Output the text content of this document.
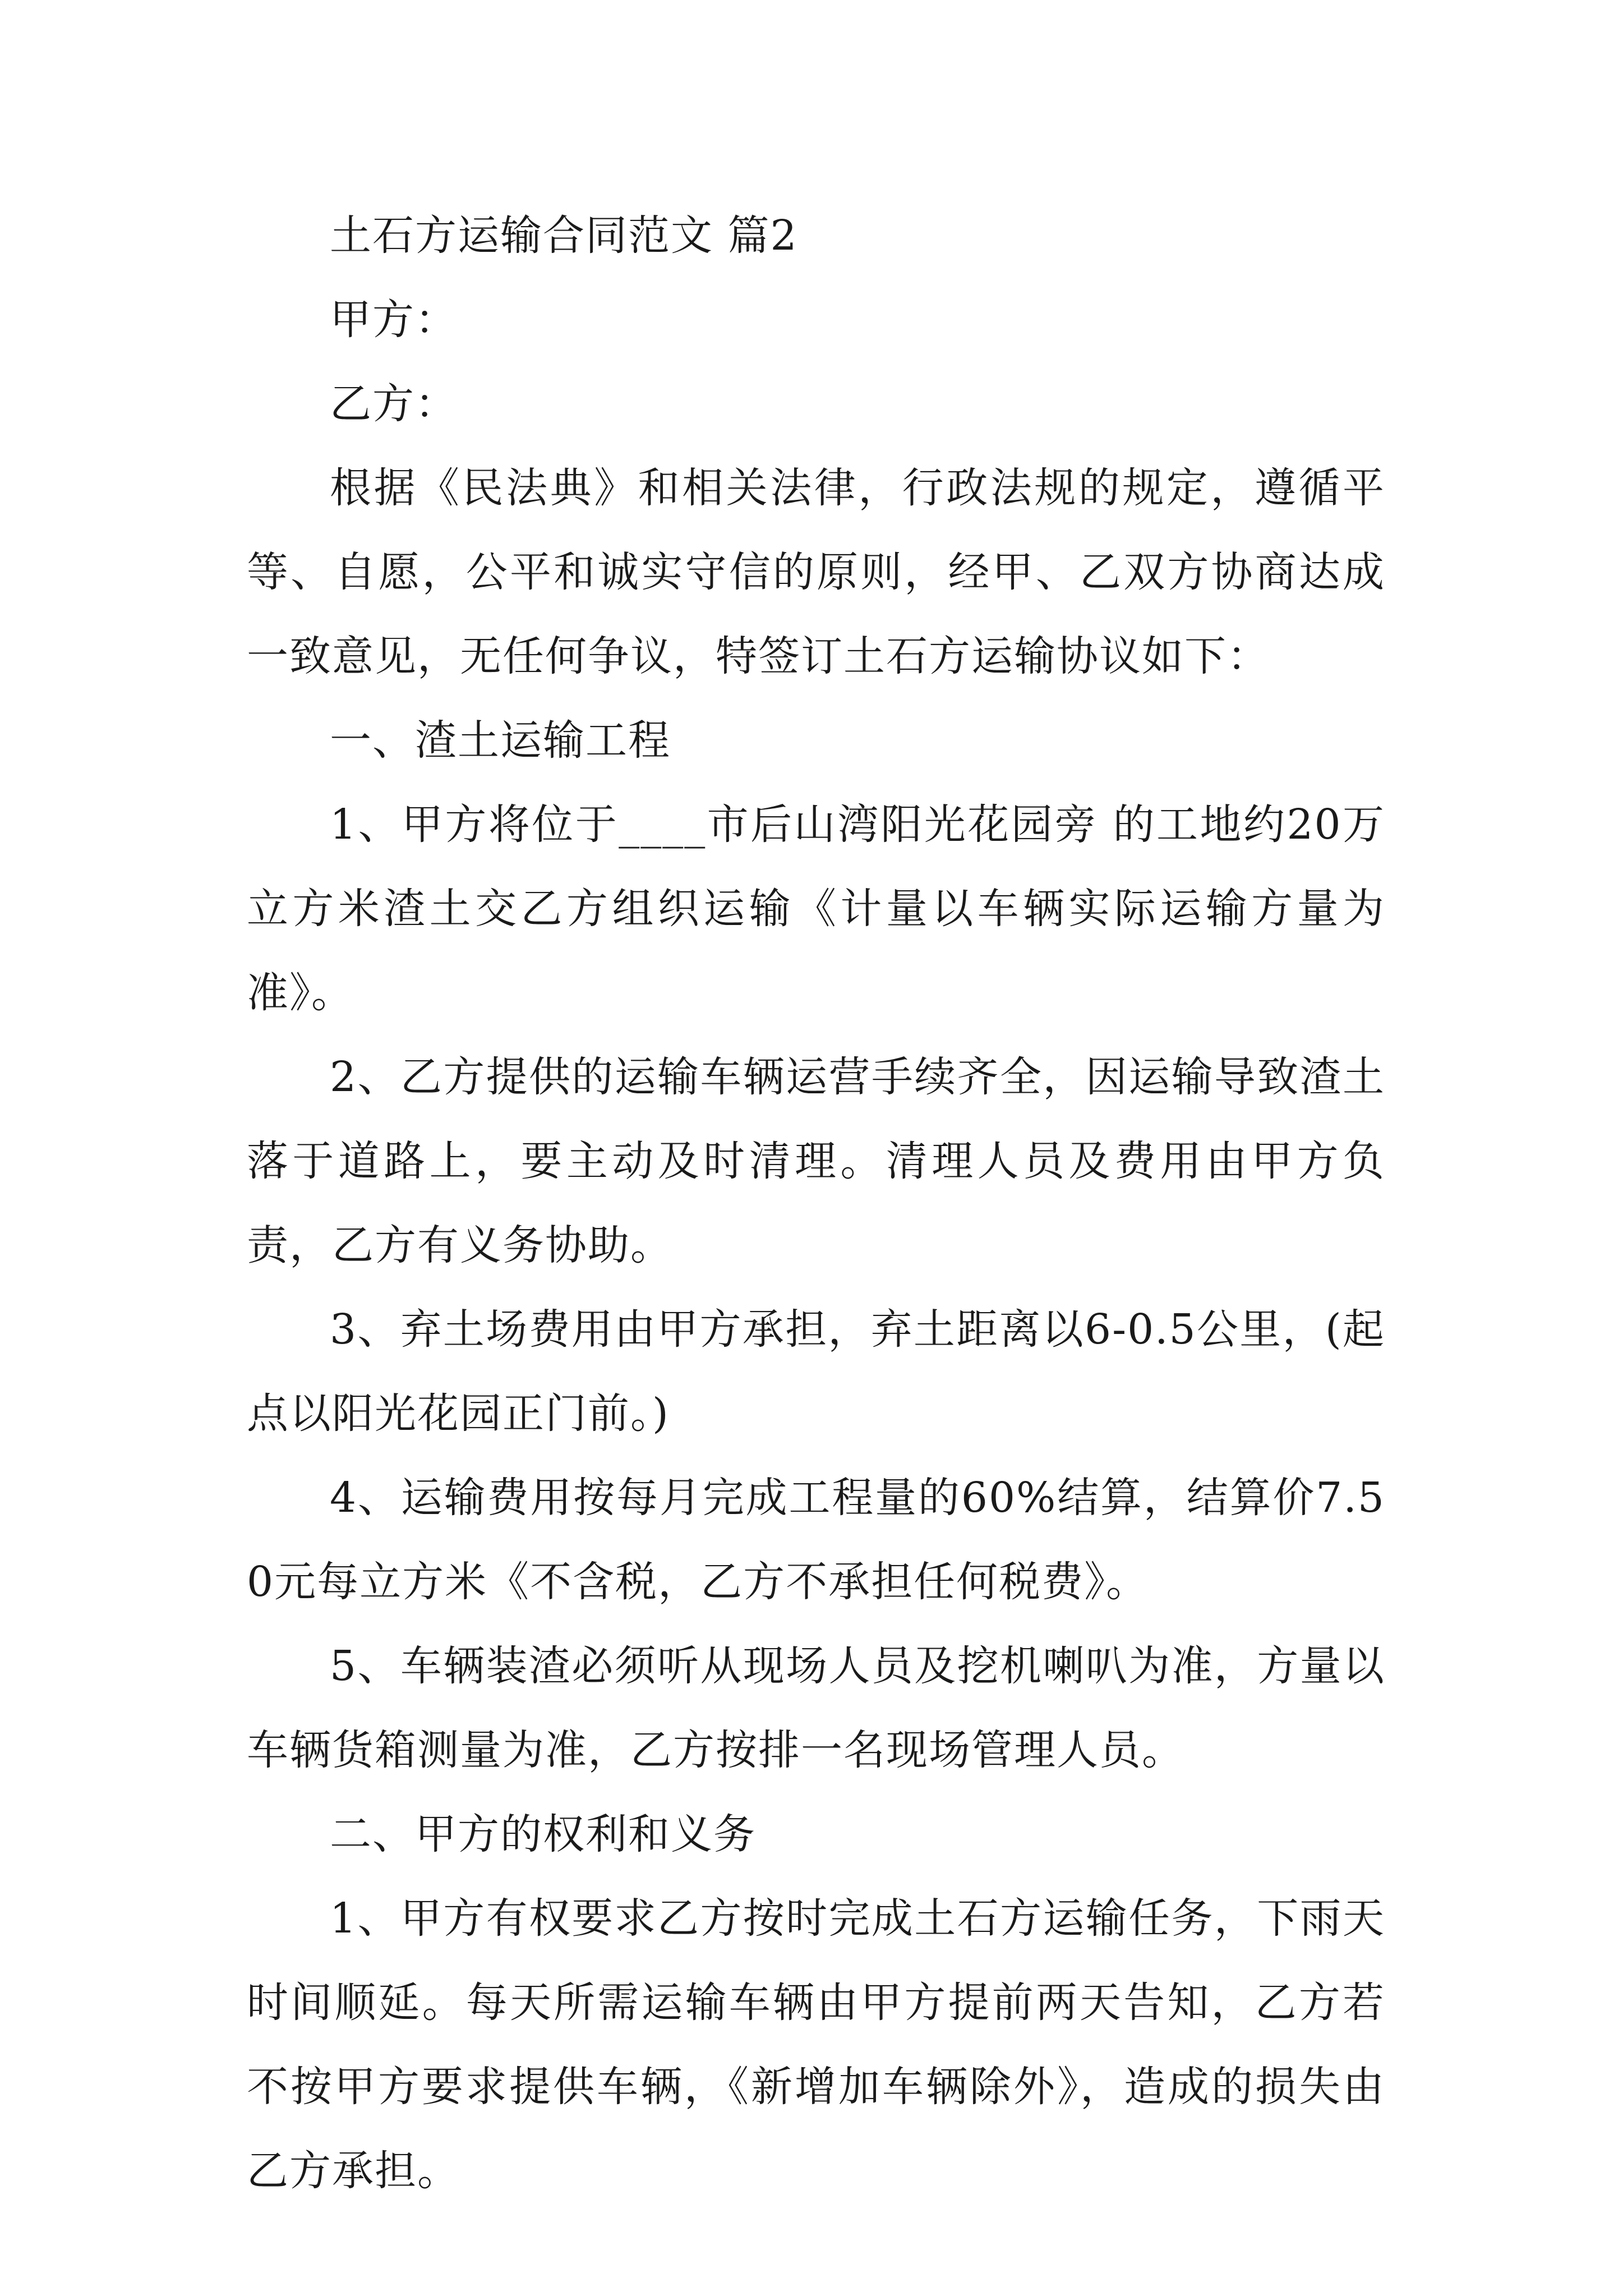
土石方运输合同范文 篇2

甲方：

乙方：

根据《民法典》和相关法律，行政法规的规定，遵循平等、自愿，公平和诚实守信的原则，经甲、乙双方协商达成一致意见，无任何争议，特签订土石方运输协议如下：

一、渣土运输工程

1、甲方将位于____市后山湾阳光花园旁 的工地约20万立方米渣土交乙方组织运输《计量以车辆实际运输方量为准》。

2、乙方提供的运输车辆运营手续齐全，因运输导致渣土落于道路上，要主动及时清理。清理人员及费用由甲方负责，乙方有义务协助。

3、弃土场费用由甲方承担，弃土距离以6-0.5公里，(起点以阳光花园正门前。)

4、运输费用按每月完成工程量的60%结算，结算价7.50元每立方米《不含税，乙方不承担任何税费》。

5、车辆装渣必须听从现场人员及挖机喇叭为准，方量以车辆货箱测量为准，乙方按排一名现场管理人员。

二、甲方的权利和义务

1、甲方有权要求乙方按时完成土石方运输任务，下雨天时间顺延。每天所需运输车辆由甲方提前两天告知，乙方若不按甲方要求提供车辆，《新增加车辆除外》，造成的损失由乙方承担。
